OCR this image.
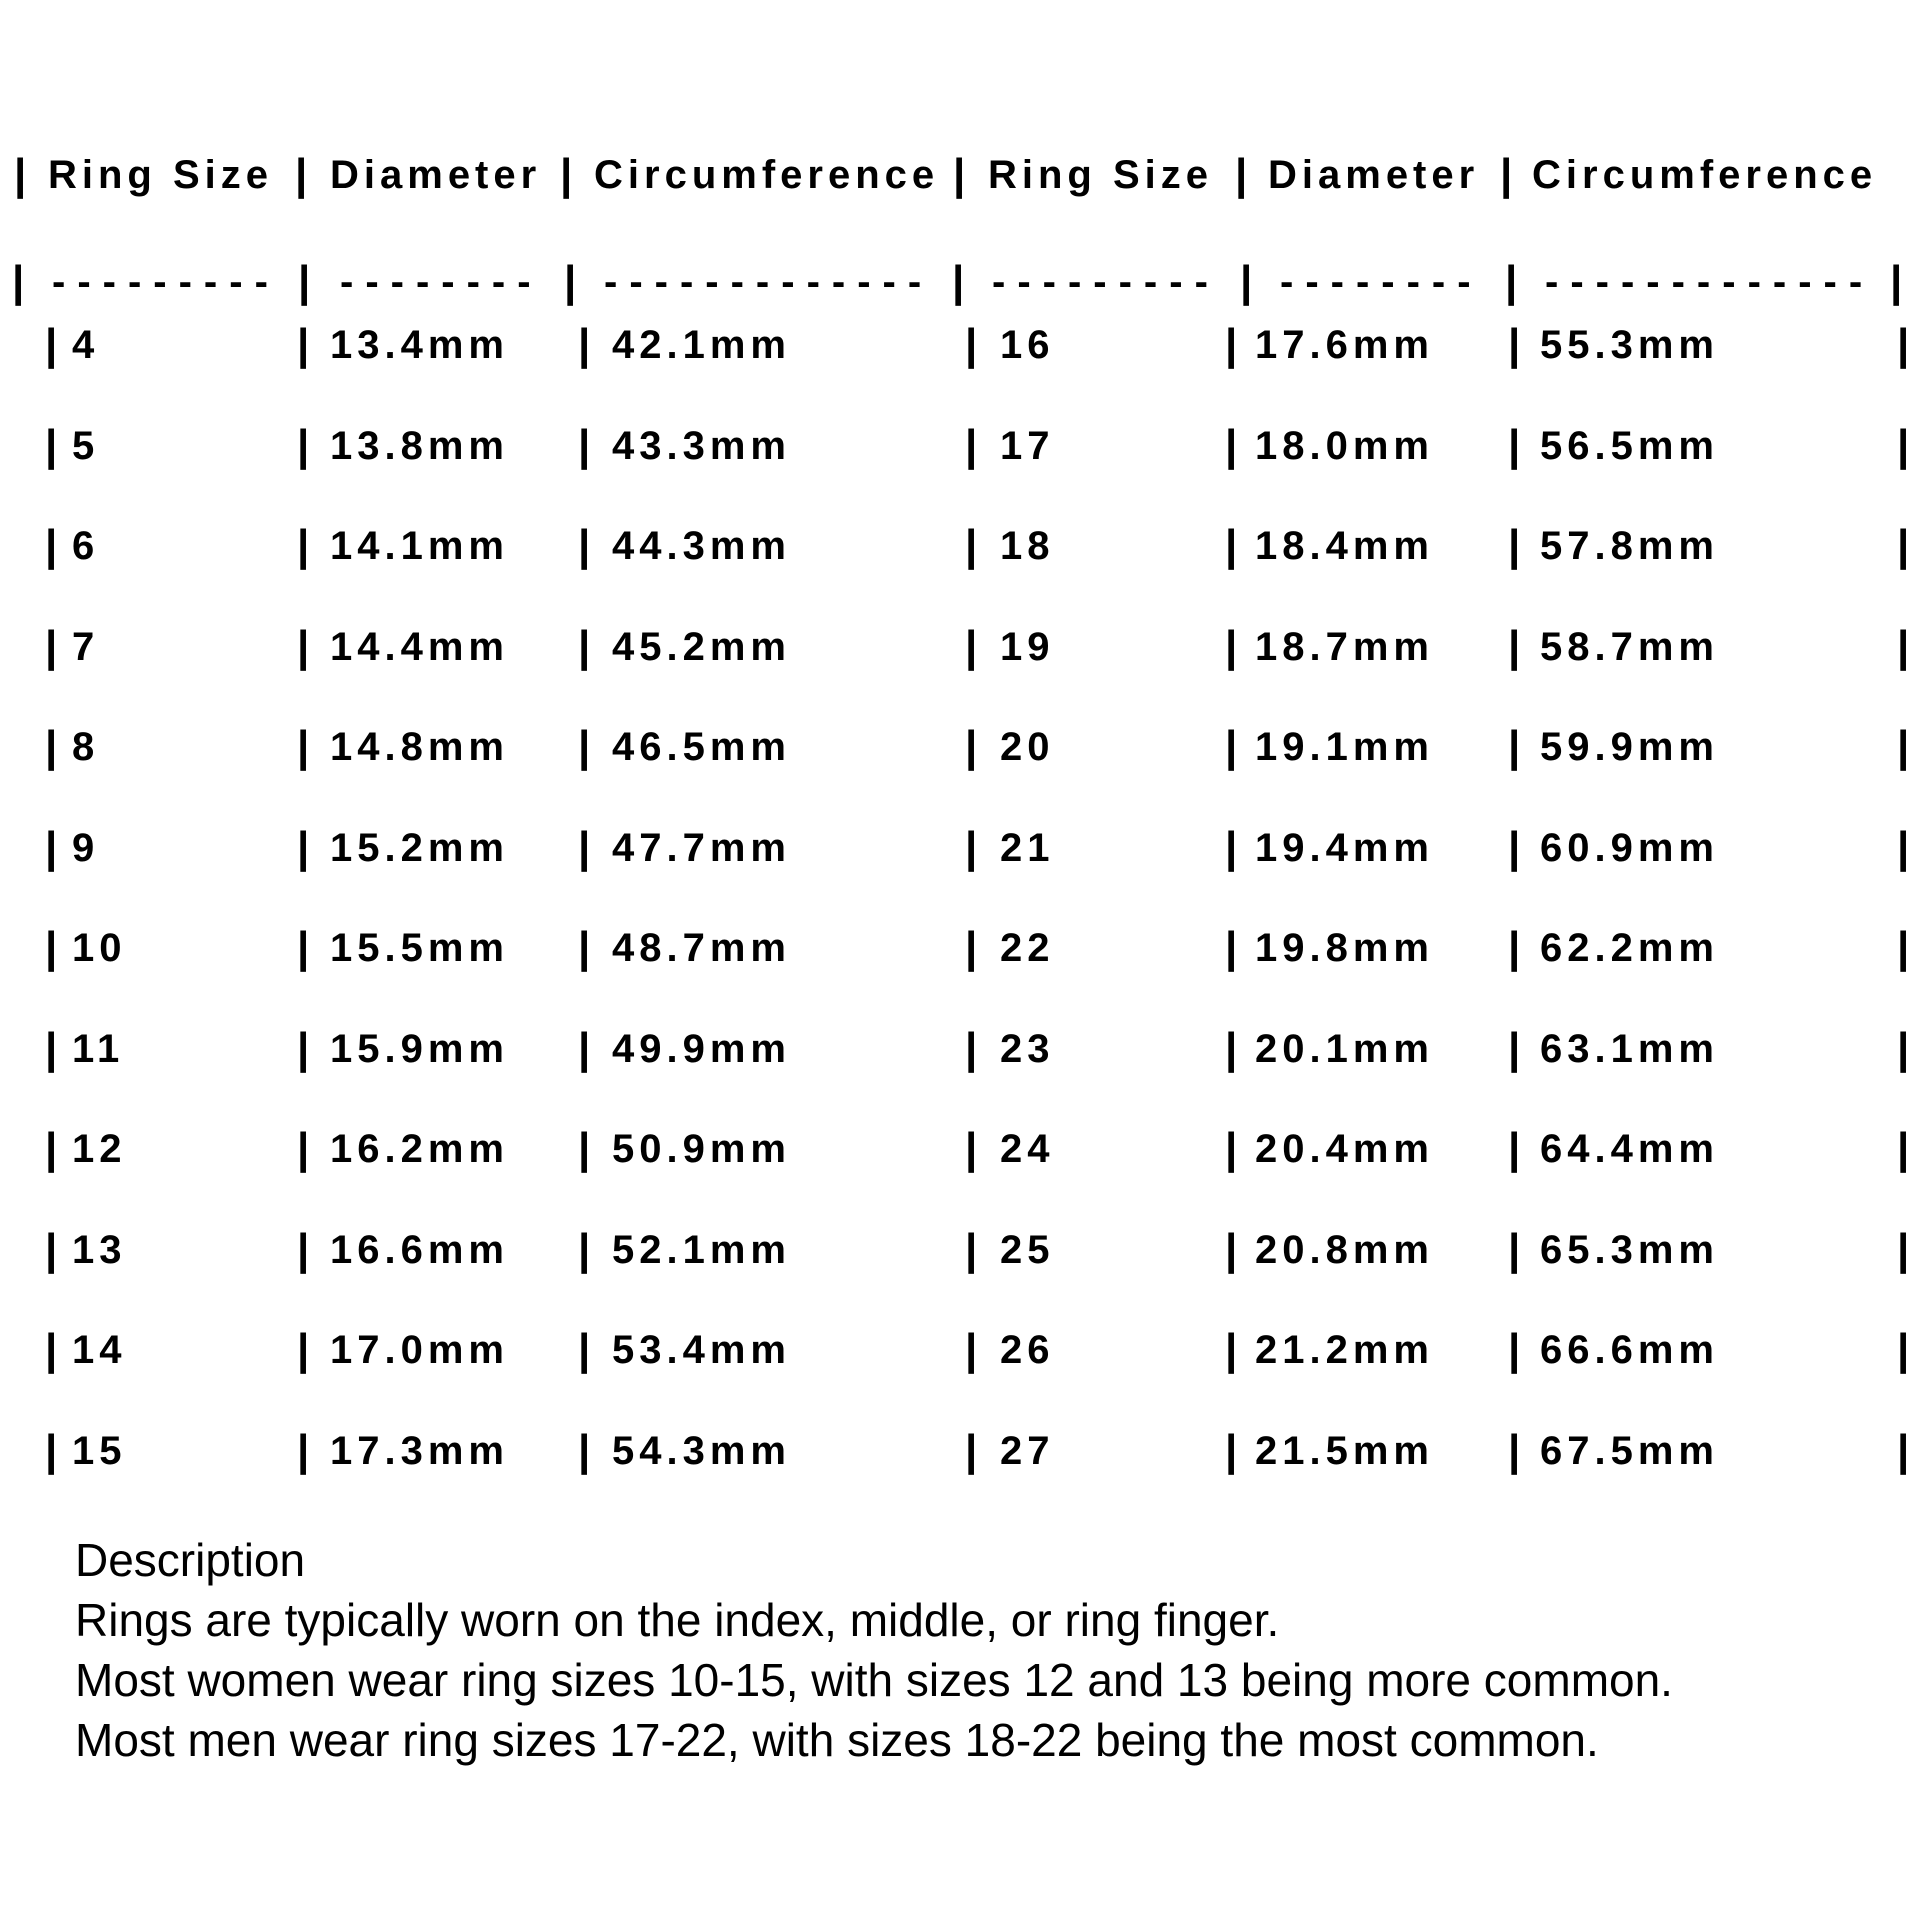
| Ring Size | Diameter | Circumference | Ring Size | Diameter | Circumference
| --------- | -------- | ------------- | --------- | -------- | ------------- |
|	|	|	|	|	|	|
4	13.4mm	42.1mm	16	17.6mm	55.3mm
|	|	|	|	|	|	|
5	13.8mm	43.3mm	17	18.0mm	56.5mm
|	|	|	|	|	|	|
6	14.1mm	44.3mm	18	18.4mm	57.8mm
|	|	|	|	|	|	|
7	14.4mm	45.2mm	19	18.7mm	58.7mm
|	|	|	|	|	|	|
8	14.8mm	46.5mm	20	19.1mm	59.9mm
|	|	|	|	|	|	|
9	15.2mm	47.7mm	21	19.4mm	60.9mm
|	|	|	|	|	|	|
10	15.5mm	48.7mm	22	19.8mm	62.2mm
|	|	|	|	|	|	|
11	15.9mm	49.9mm	23	20.1mm	63.1mm
|	|	|	|	|	|	|
12	16.2mm	50.9mm	24	20.4mm	64.4mm
|	|	|	|	|	|	|
13	16.6mm	52.1mm	25	20.8mm	65.3mm
|	|	|	|	|	|	|
14	17.0mm	53.4mm	26	21.2mm	66.6mm
|	|	|	|	|	|	|
15	17.3mm	54.3mm	27	21.5mm	67.5mm
Description
Rings are typically worn on the index, middle, or ring finger.
Most women wear ring sizes 10-15, with sizes 12 and 13 being more common.
Most men wear ring sizes 17-22, with sizes 18-22 being the most common.
